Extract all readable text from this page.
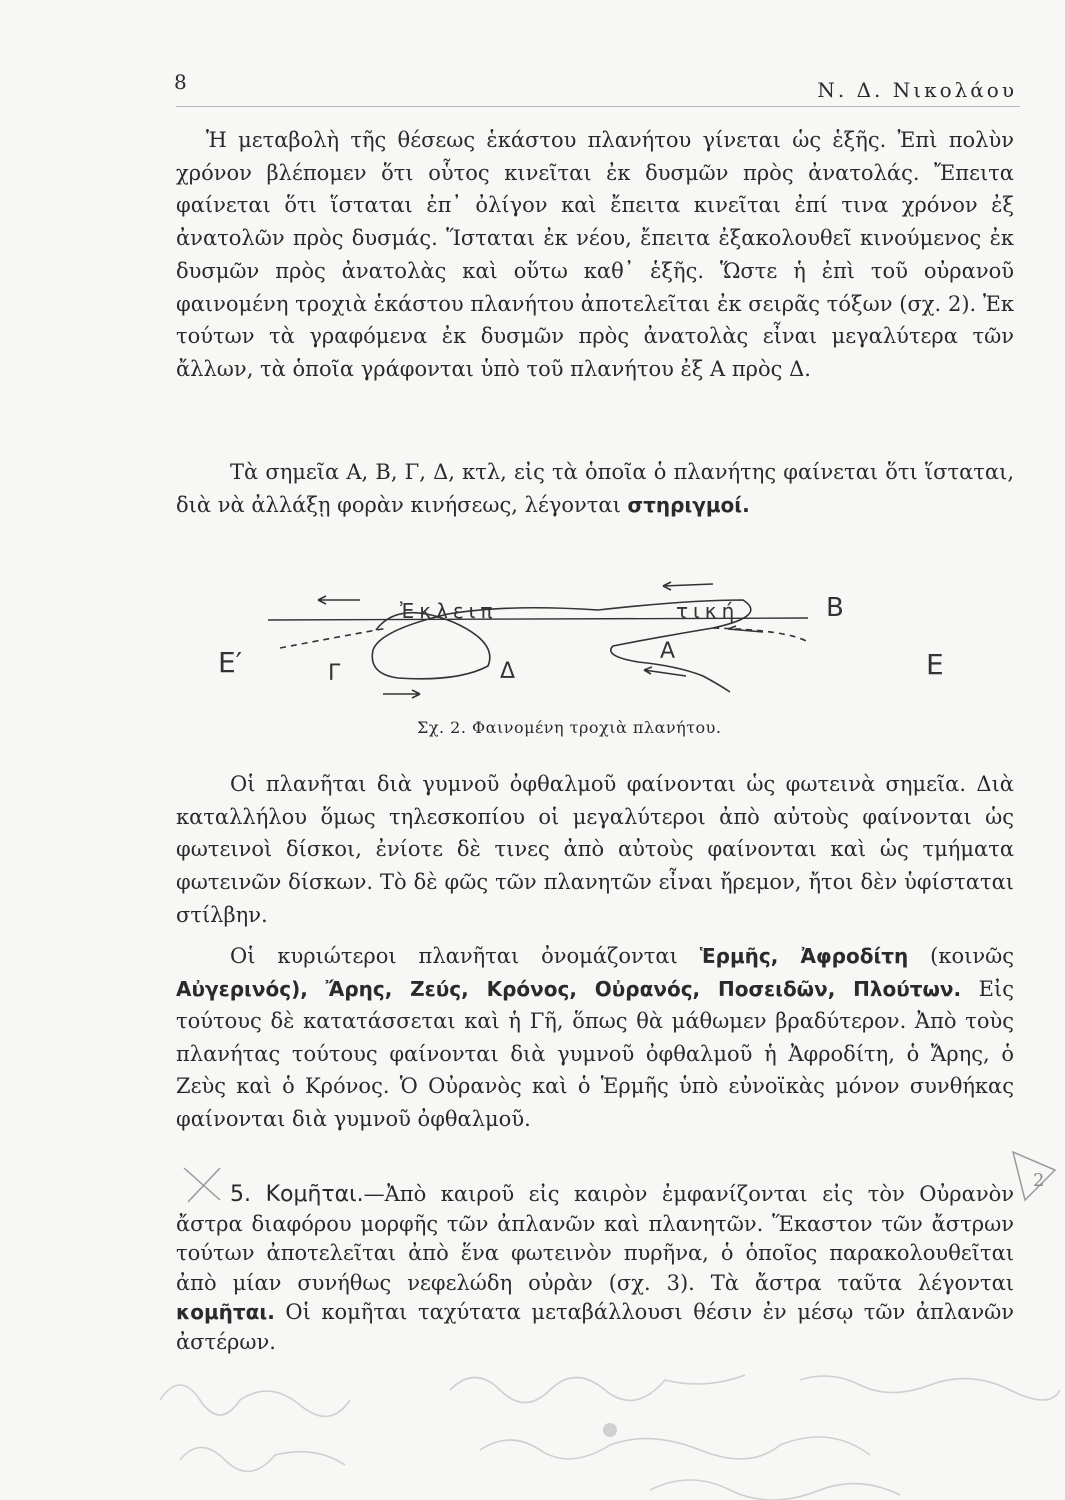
8	Ν. Δ. Νικολάου

Ἡ μεταβολὴ τῆς θέσεως ἑκάστου πλανήτου γίνεται ὡς ἑξῆς. Ἐπὶ πολὺν χρόνον βλέπομεν ὅτι οὗτος κινεῖται ἐκ δυσμῶν πρὸς ἀνατολάς. Ἔπειτα φαίνεται ὅτι ἵσταται ἐπ᾽ ὀλίγον καὶ ἔπειτα κινεῖται ἐπί τινα χρόνον ἐξ ἀνατολῶν πρὸς δυσμάς. Ἵσταται ἐκ νέου, ἔπειτα ἐξακολουθεῖ κινούμενος ἐκ δυσμῶν πρὸς ἀνατολὰς καὶ οὕτω καθ᾽ ἑξῆς. Ὥστε ἡ ἐπὶ τοῦ οὐρανοῦ φαινομένη τροχιὰ ἑκάστου πλανήτου ἀποτελεῖται ἐκ σειρᾶς τόξων (σχ. 2). Ἐκ τούτων τὰ γραφόμενα ἐκ δυσμῶν πρὸς ἀνατολὰς εἶναι μεγαλύτερα τῶν ἄλλων, τὰ ὁποῖα γράφονται ὑπὸ τοῦ πλανήτου ἐξ Α πρὸς Δ.

Τὰ σημεῖα Α, Β, Γ, Δ, κτλ, εἰς τὰ ὁποῖα ὁ πλανήτης φαίνεται ὅτι ἵσταται, διὰ νὰ ἀλλάξῃ φορὰν κινήσεως, λέγονται στηριγμοί.

Ἐκλειπ	τική	Β
Ε′	Γ	Δ
Α	Ε
Σχ. 2. Φαινομένη τροχιὰ πλανήτου.

Οἱ πλανῆται διὰ γυμνοῦ ὀφθαλμοῦ φαίνονται ὡς φωτεινὰ σημεῖα. Διὰ καταλλήλου ὅμως τηλεσκοπίου οἱ μεγαλύτεροι ἀπὸ αὐτοὺς φαίνονται ὡς φωτεινοὶ δίσκοι, ἐνίοτε δὲ τινες ἀπὸ αὐτοὺς φαίνονται καὶ ὡς τμήματα φωτεινῶν δίσκων. Τὸ δὲ φῶς τῶν πλανητῶν εἶναι ἤρεμον, ἤτοι δὲν ὑφίσταται στίλβην.

Οἱ κυριώτεροι πλανῆται ὀνομάζονται Ἑρμῆς, Ἀφροδίτη (κοινῶς Αὐγερινός), Ἄρης, Ζεύς, Κρόνος, Οὐρανός, Ποσειδῶν, Πλούτων. Εἰς τούτους δὲ κατατάσσεται καὶ ἡ Γῆ, ὅπως θὰ μάθωμεν βραδύτερον. Ἀπὸ τοὺς πλανήτας τούτους φαίνονται διὰ γυμνοῦ ὀφθαλμοῦ ἡ Ἀφροδίτη, ὁ Ἄρης, ὁ Ζεὺς καὶ ὁ Κρόνος. Ὁ Οὐρανὸς καὶ ὁ Ἑρμῆς ὑπὸ εὐνοϊκὰς μόνον συνθήκας φαίνονται διὰ γυμνοῦ ὀφθαλμοῦ.

5. Κομῆται.—Ἀπὸ καιροῦ εἰς καιρὸν ἐμφανίζονται εἰς τὸν Οὐρανὸν ἄστρα διαφόρου μορφῆς τῶν ἀπλανῶν καὶ πλανητῶν. Ἕκαστον τῶν ἄστρων τούτων ἀποτελεῖται ἀπὸ ἕνα φωτεινὸν πυρῆνα, ὁ ὁποῖος παρακολουθεῖται ἀπὸ μίαν συνήθως νεφελώδη οὐρὰν (σχ. 3). Τὰ ἄστρα ταῦτα λέγονται κομῆται. Οἱ κομῆται ταχύτατα μεταβάλλουσι θέσιν ἐν μέσῳ τῶν ἀπλανῶν ἀστέρων.

2
